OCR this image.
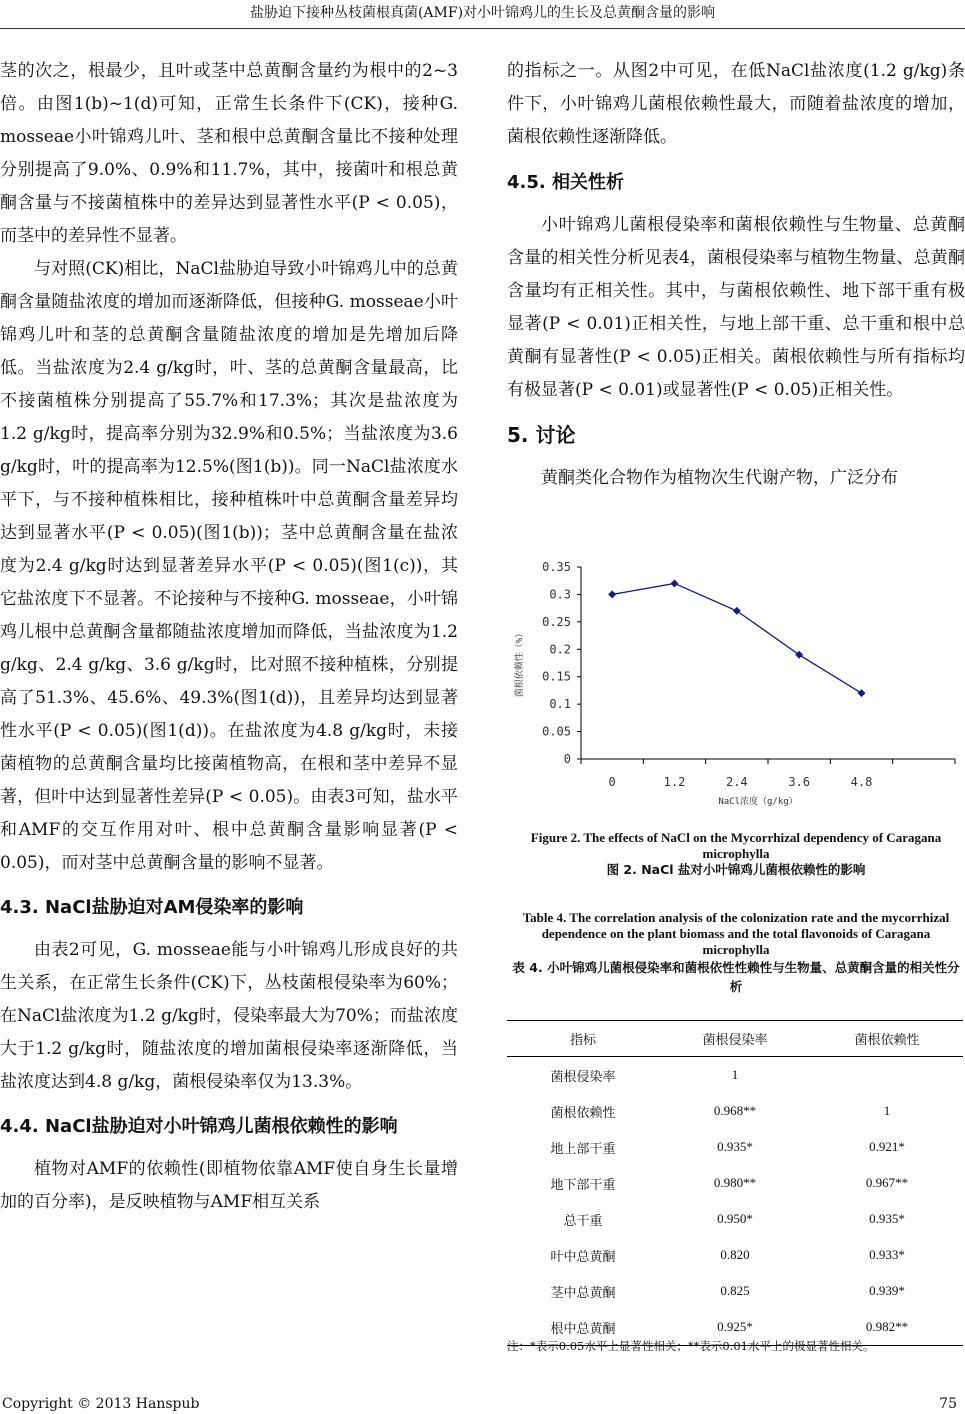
盐胁迫下接种丛枝菌根真菌(AMF)对小叶锦鸡儿的生长及总黄酮含量的影响

茎的次之，根最少，且叶或茎中总黄酮含量约为根中的2~3倍。由图1(b)~1(d)可知，正常生长条件下(CK)，接种G. mosseae小叶锦鸡儿叶、茎和根中总黄酮含量比不接种处理分别提高了9.0%、0.9%和11.7%，其中，接菌叶和根总黄酮含量与不接菌植株中的差异达到显著性水平(P < 0.05)，而茎中的差异性不显著。

与对照(CK)相比，NaCl盐胁迫导致小叶锦鸡儿中的总黄酮含量随盐浓度的增加而逐渐降低，但接种G. mosseae小叶锦鸡儿叶和茎的总黄酮含量随盐浓度的增加是先增加后降低。当盐浓度为2.4 g/kg时，叶、茎的总黄酮含量最高，比不接菌植株分别提高了55.7%和17.3%；其次是盐浓度为1.2 g/kg时，提高率分别为32.9%和0.5%；当盐浓度为3.6 g/kg时，叶的提高率为12.5%(图1(b))。同一NaCl盐浓度水平下，与不接种植株相比，接种植株叶中总黄酮含量差异均达到显著水平(P < 0.05)(图1(b))；茎中总黄酮含量在盐浓度为2.4 g/kg时达到显著差异水平(P < 0.05)(图1(c))，其它盐浓度下不显著。不论接种与不接种G. mosseae，小叶锦鸡儿根中总黄酮含量都随盐浓度增加而降低，当盐浓度为1.2 g/kg、2.4 g/kg、3.6 g/kg时，比对照不接种植株，分别提高了51.3%、45.6%、49.3%(图1(d))，且差异均达到显著性水平(P < 0.05)(图1(d))。在盐浓度为4.8 g/kg时，未接菌植物的总黄酮含量均比接菌植物高，在根和茎中差异不显著，但叶中达到显著性差异(P < 0.05)。由表3可知，盐水平和AMF的交互作用对叶、根中总黄酮含量影响显著(P < 0.05)，而对茎中总黄酮含量的影响不显著。

4.3. NaCl盐胁迫对AM侵染率的影响

由表2可见，G. mosseae能与小叶锦鸡儿形成良好的共生关系，在正常生长条件(CK)下，丛枝菌根侵染率为60%；在NaCl盐浓度为1.2 g/kg时，侵染率最大为70%；而盐浓度大于1.2 g/kg时，随盐浓度的增加菌根侵染率逐渐降低，当盐浓度达到4.8 g/kg，菌根侵染率仅为13.3%。

4.4. NaCl盐胁迫对小叶锦鸡儿菌根依赖性的影响

植物对AMF的依赖性(即植物依靠AMF使自身生长量增加的百分率)，是反映植物与AMF相互关系

的指标之一。从图2中可见，在低NaCl盐浓度(1.2 g/kg)条件下，小叶锦鸡儿菌根依赖性最大，而随着盐浓度的增加，菌根依赖性逐渐降低。

4.5. 相关性析

小叶锦鸡儿菌根侵染率和菌根依赖性与生物量、总黄酮含量的相关性分析见表4，菌根侵染率与植物生物量、总黄酮含量均有正相关性。其中，与菌根依赖性、地下部干重有极显著(P < 0.01)正相关性，与地上部干重、总干重和根中总黄酮有显著性(P < 0.05)正相关。菌根依赖性与所有指标均有极显著(P < 0.01)或显著性(P < 0.05)正相关性。

5. 讨论

黄酮类化合物作为植物次生代谢产物，广泛分布

0
0.05
0.1
0.15
0.2
0.25
0.3
0.35
0	1.2	2.4	3.6	4.8
NaCl浓度（g/kg）
菌根依赖性（%）
Figure 2. The effects of NaCl on the Mycorrhizal dependency of Caragana microphylla
图 2. NaCl 盐对小叶锦鸡儿菌根依赖性的影响
Table 4. The correlation analysis of the colonization rate and the mycorrhizal dependence on the plant biomass and the total flavonoids of Caragana microphylla
表 4. 小叶锦鸡儿菌根侵染率和菌根依性性赖性与生物量、总黄酮含量的相关性分析
指标	菌根侵染率	菌根依赖性
菌根侵染率	1	
菌根依赖性	0.968**	1
地上部干重	0.935*	0.921*
地下部干重	0.980**	0.967**
总干重	0.950*	0.935*
叶中总黄酮	0.820	0.933*
茎中总黄酮	0.825	0.939*
根中总黄酮	0.925*	0.982**
注：*表示0.05水平上显著性相关；**表示0.01水平上的极显著性相关。
Copyright © 2013 Hanspub	75
